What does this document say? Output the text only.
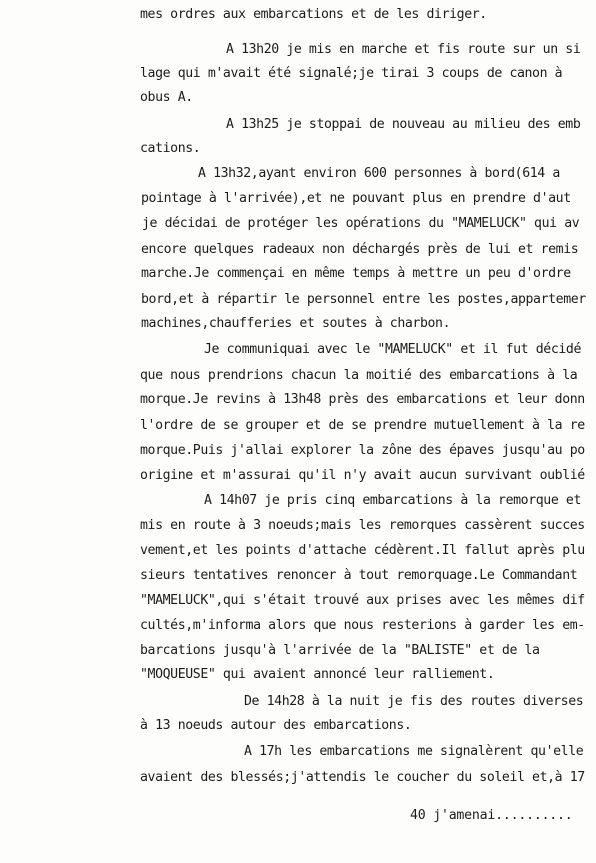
mes ordres aux embarcations et de les diriger.
A 13h20 je mis en marche et fis route sur un si
lage qui m'avait été signalé;je tirai 3 coups de canon à
obus A.
A 13h25 je stoppai de nouveau au milieu des emb
cations.
A 13h32,ayant environ 600 personnes à bord(614 a
pointage à l'arrivée),et ne pouvant plus en prendre d'aut
je décidai de protéger les opérations du "MAMELUCK" qui av
encore quelques radeaux non déchargés près de lui et remis
marche.Je commençai en même temps à mettre un peu d'ordre
bord,et à répartir le personnel entre les postes,appartemer
machines,chaufferies et soutes à charbon.
Je communiquai avec le "MAMELUCK" et il fut décidé
que nous prendrions chacun la moitié des embarcations à la
morque.Je revins à 13h48 près des embarcations et leur donn
l'ordre de se grouper et de se prendre mutuellement à la re
morque.Puis j'allai explorer la zône des épaves jusqu'au po
origine et m'assurai qu'il n'y avait aucun survivant oublié
A 14h07 je pris cinq embarcations à la remorque et
mis en route à 3 noeuds;mais les remorques cassèrent succes
vement,et les points d'attache cédèrent.Il fallut après plu
sieurs tentatives renoncer à tout remorquage.Le Commandant
"MAMELUCK",qui s'était trouvé aux prises avec les mêmes dif
cultés,m'informa alors que nous resterions à garder les em-
barcations jusqu'à l'arrivée de la "BALISTE" et de la
"MOQUEUSE" qui avaient annoncé leur ralliement.
De 14h28 à la nuit je fis des routes diverses
à 13 noeuds autour des embarcations.
A 17h les embarcations me signalèrent qu'elle
avaient des blessés;j'attendis le coucher du soleil et,à 17
40 j'amenai..........
